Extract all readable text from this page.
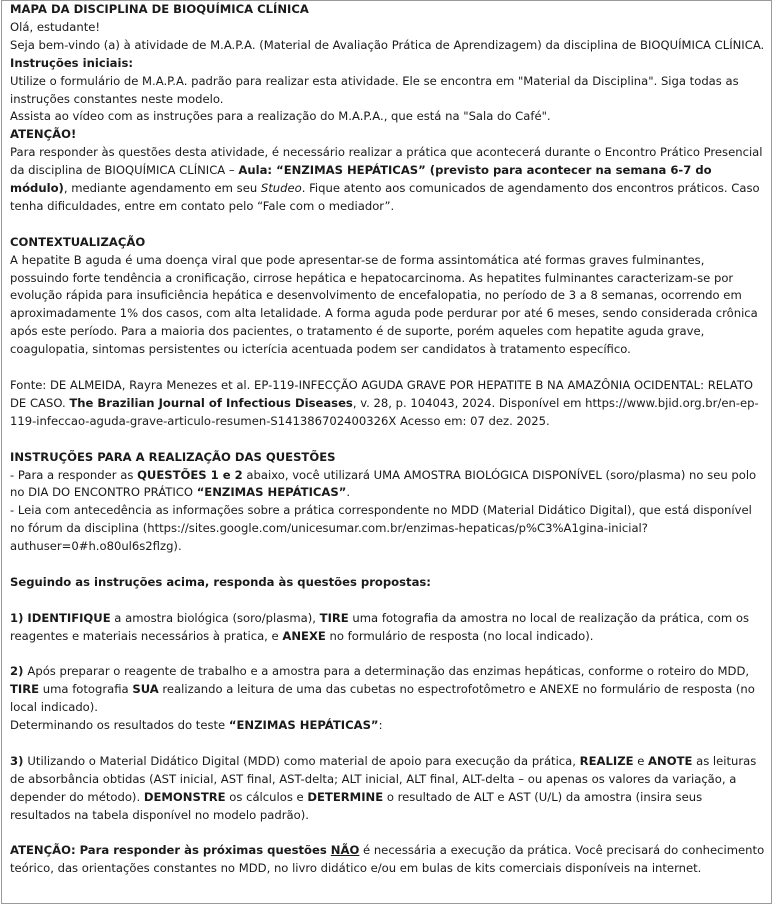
MAPA DA DISCIPLINA DE BIOQUÍMICA CLÍNICA

Olá, estudante!

Seja bem-vindo (a) à atividade de M.A.P.A. (Material de Avaliação Prática de Aprendizagem) da disciplina de BIOQUÍMICA CLÍNICA.

Instruções iniciais:

Utilize o formulário de M.A.P.A. padrão para realizar esta atividade. Ele se encontra em "Material da Disciplina". Siga todas as instruções constantes neste modelo.

Assista ao vídeo com as instruções para a realização do M.A.P.A., que está na "Sala do Café".

ATENÇÃO!

Para responder às questões desta atividade, é necessário realizar a prática que acontecerá durante o Encontro Prático Presencial da disciplina de BIOQUÍMICA CLÍNICA – Aula: “ENZIMAS HEPÁTICAS” (previsto para acontecer na semana 6-7 do módulo), mediante agendamento em seu Studeo. Fique atento aos comunicados de agendamento dos encontros práticos. Caso tenha dificuldades, entre em contato pelo “Fale com o mediador”.

CONTEXTUALIZAÇÃO

A hepatite B aguda é uma doença viral que pode apresentar-se de forma assintomática até formas graves fulminantes, possuindo forte tendência a cronificação, cirrose hepática e hepatocarcinoma. As hepatites fulminantes caracterizam-se por evolução rápida para insuficiência hepática e desenvolvimento de encefalopatia, no período de 3 a 8 semanas, ocorrendo em aproximadamente 1% dos casos, com alta letalidade. A forma aguda pode perdurar por até 6 meses, sendo considerada crônica após este período. Para a maioria dos pacientes, o tratamento é de suporte, porém aqueles com hepatite aguda grave, coagulopatia, sintomas persistentes ou icterícia acentuada podem ser candidatos à tratamento específico.

Fonte: DE ALMEIDA, Rayra Menezes et al. EP-119-INFECÇÃO AGUDA GRAVE POR HEPATITE B NA AMAZÔNIA OCIDENTAL: RELATO DE CASO. The Brazilian Journal of Infectious Diseases, v. 28, p. 104043, 2024. Disponível em https://www.bjid.org.br/en-ep-119-infeccao-aguda-grave-articulo-resumen-S141386702400326X Acesso em: 07 dez. 2025.

INSTRUÇÕES PARA A REALIZAÇÃO DAS QUESTÕES

- Para a responder as QUESTÕES 1 e 2 abaixo, você utilizará UMA AMOSTRA BIOLÓGICA DISPONÍVEL (soro/plasma) no seu polo no DIA DO ENCONTRO PRÁTICO “ENZIMAS HEPÁTICAS”.

- Leia com antecedência as informações sobre a prática correspondente no MDD (Material Didático Digital), que está disponível no fórum da disciplina (https://sites.google.com/unicesumar.com.br/enzimas-hepaticas/p%C3%A1gina-inicial?authuser=0#h.o80ul6s2flzg).

Seguindo as instruções acima, responda às questões propostas:

1) IDENTIFIQUE a amostra biológica (soro/plasma), TIRE uma fotografia da amostra no local de realização da prática, com os reagentes e materiais necessários à pratica, e ANEXE no formulário de resposta (no local indicado).

2) Após preparar o reagente de trabalho e a amostra para a determinação das enzimas hepáticas, conforme o roteiro do MDD, TIRE uma fotografia SUA realizando a leitura de uma das cubetas no espectrofotômetro e ANEXE no formulário de resposta (no local indicado).

Determinando os resultados do teste “ENZIMAS HEPÁTICAS”:

3) Utilizando o Material Didático Digital (MDD) como material de apoio para execução da prática, REALIZE e ANOTE as leituras de absorbância obtidas (AST inicial, AST final, AST-delta; ALT inicial, ALT final, ALT-delta – ou apenas os valores da variação, a depender do método). DEMONSTRE os cálculos e DETERMINE o resultado de ALT e AST (U/L) da amostra (insira seus resultados na tabela disponível no modelo padrão).

ATENÇÃO: Para responder às próximas questões NÃO é necessária a execução da prática. Você precisará do conhecimento teórico, das orientações constantes no MDD, no livro didático e/ou em bulas de kits comerciais disponíveis na internet.
